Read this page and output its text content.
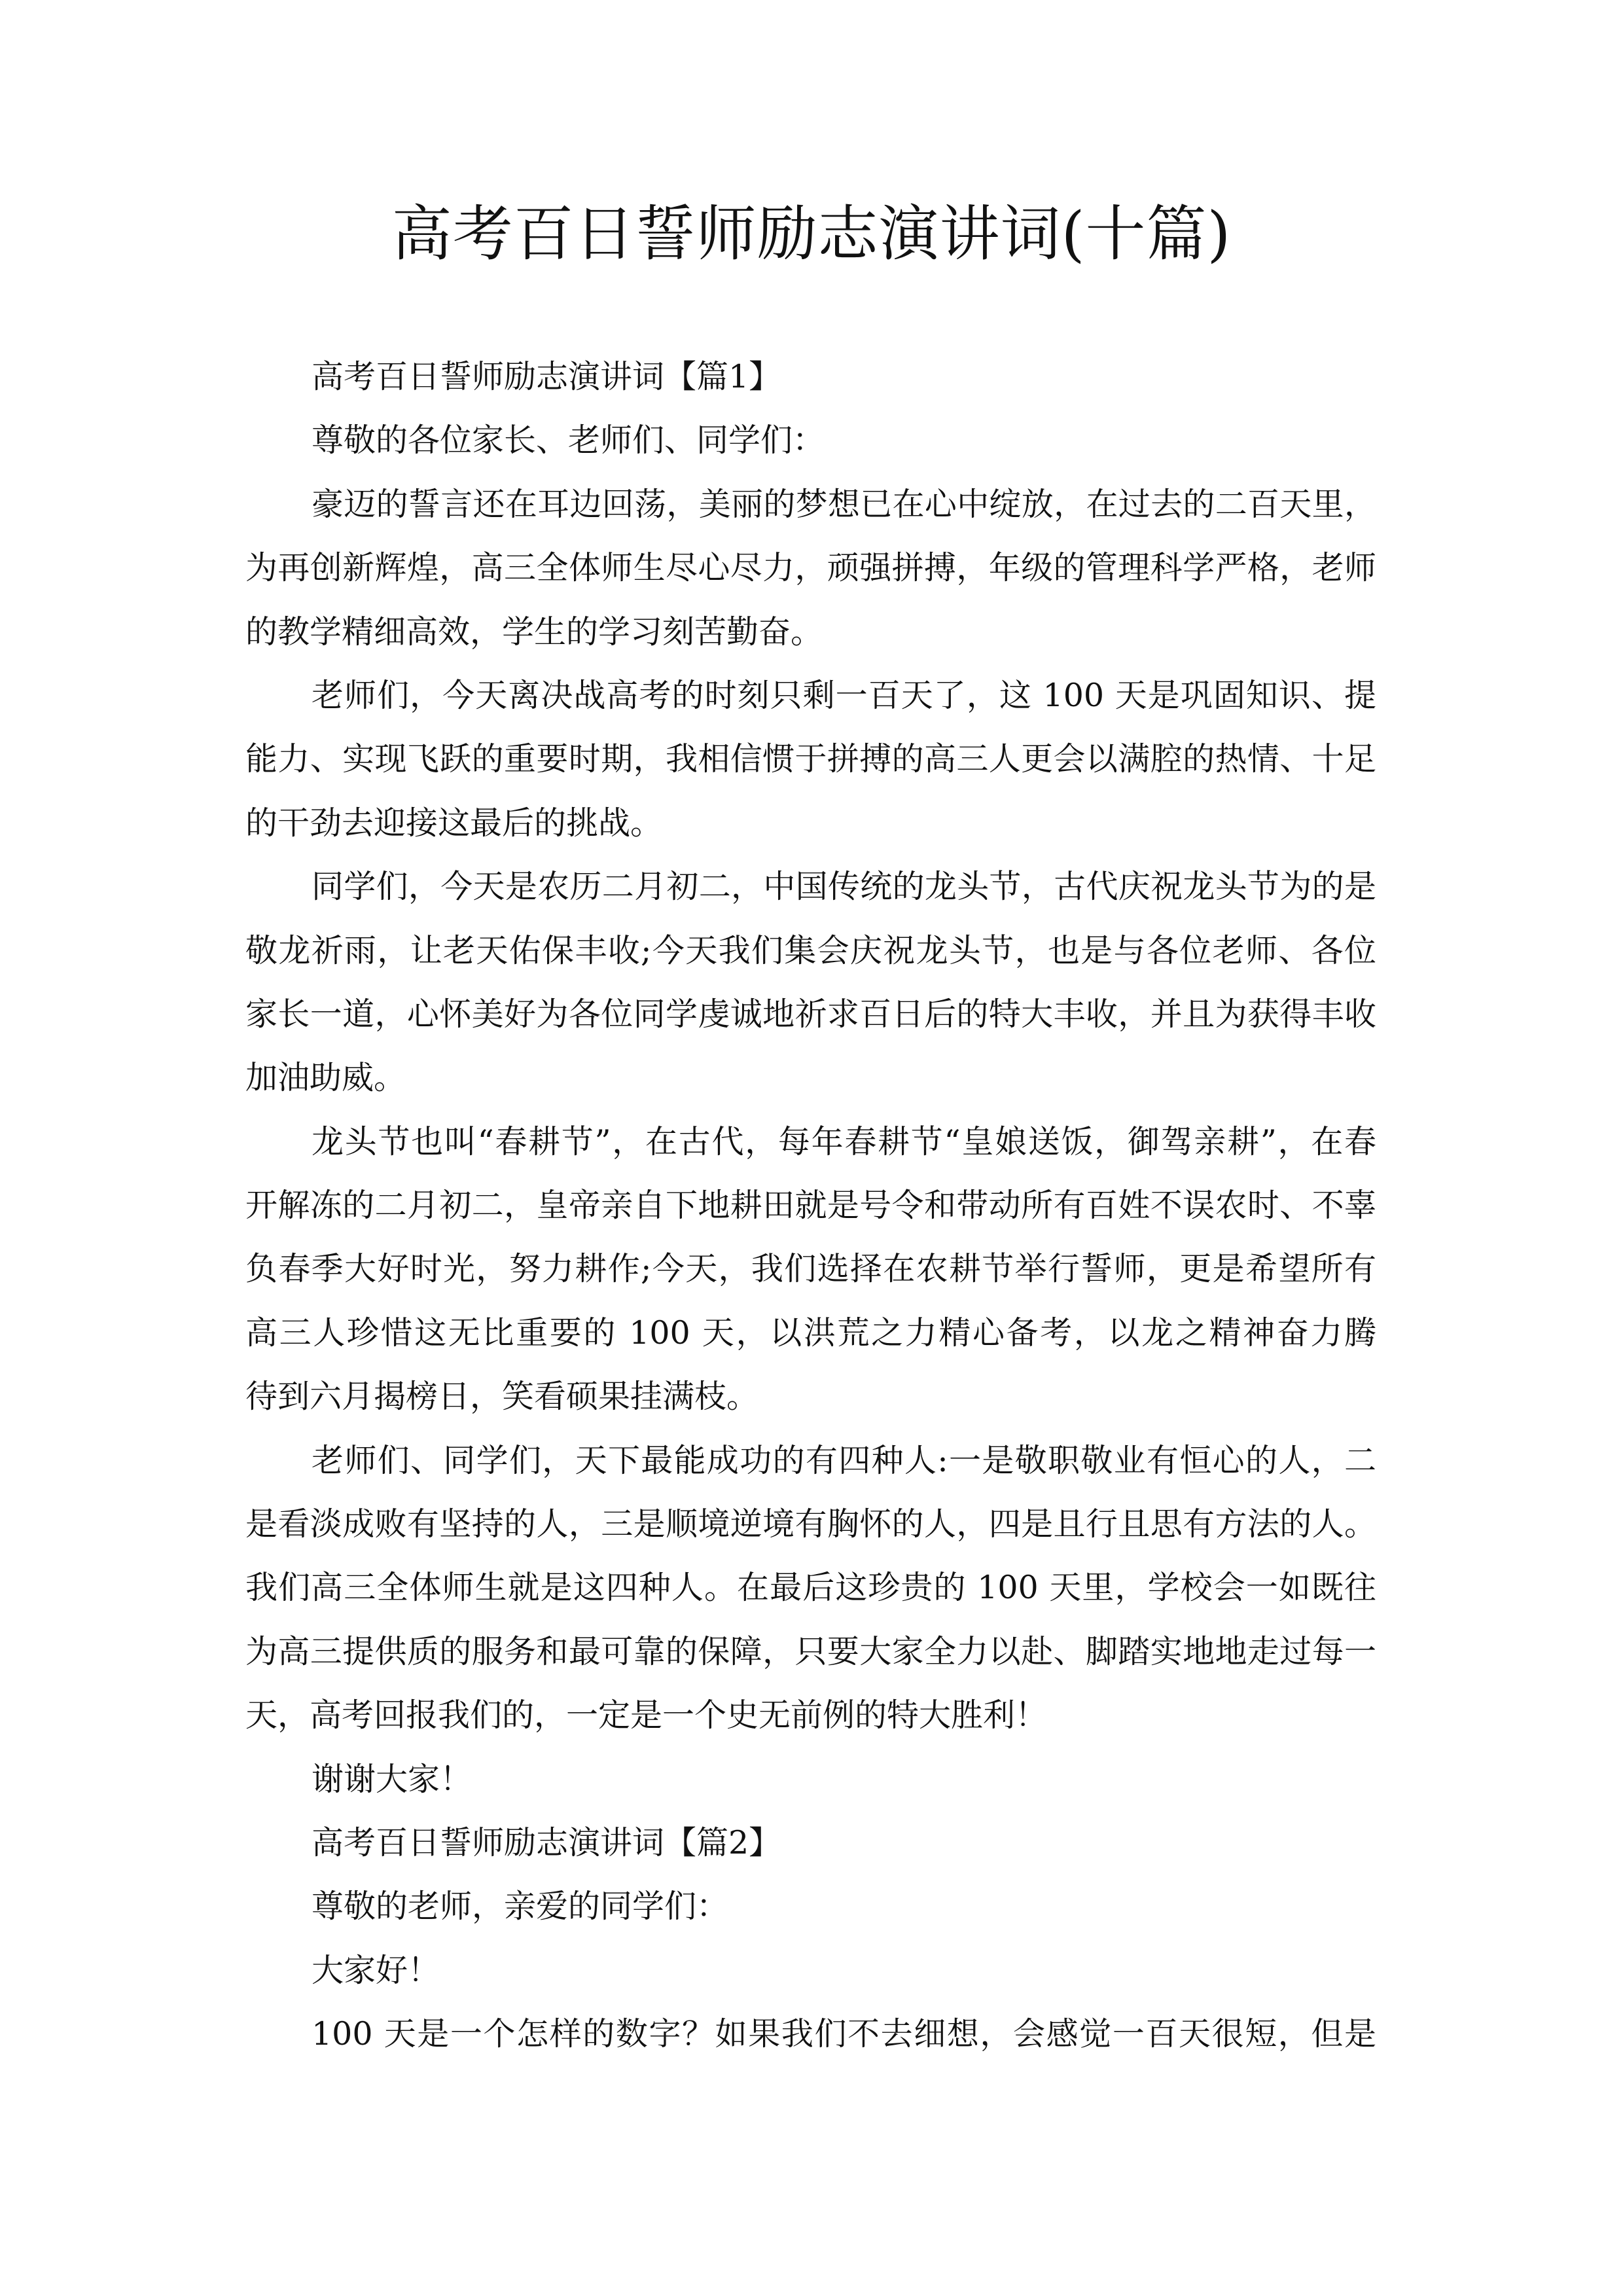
高考百日誓师励志演讲词(十篇)
高考百日誓师励志演讲词【篇1】
尊敬的各位家长、老师们、同学们：
豪迈的誓言还在耳边回荡，美丽的梦想已在心中绽放，在过去的二百天里，
为再创新辉煌，高三全体师生尽心尽力，顽强拼搏，年级的管理科学严格，老师
的教学精细高效，学生的学习刻苦勤奋。
老师们，今天离决战高考的时刻只剩一百天了，这 100 天是巩固知识、提
能力、实现飞跃的重要时期，我相信惯于拼搏的高三人更会以满腔的热情、十足
的干劲去迎接这最后的挑战。
同学们，今天是农历二月初二，中国传统的龙头节，古代庆祝龙头节为的是
敬龙祈雨，让老天佑保丰收;今天我们集会庆祝龙头节，也是与各位老师、各位
家长一道，心怀美好为各位同学虔诚地祈求百日后的特大丰收，并且为获得丰收
加油助威。
龙头节也叫“春耕节”，在古代，每年春耕节“皇娘送饭，御驾亲耕”，在春
开解冻的二月初二，皇帝亲自下地耕田就是号令和带动所有百姓不误农时、不辜
负春季大好时光，努力耕作;今天，我们选择在农耕节举行誓师，更是希望所有
高三人珍惜这无比重要的 100 天，以洪荒之力精心备考，以龙之精神奋力腾
待到六月揭榜日，笑看硕果挂满枝。
老师们、同学们，天下最能成功的有四种人:一是敬职敬业有恒心的人，二
是看淡成败有坚持的人，三是顺境逆境有胸怀的人，四是且行且思有方法的人。
我们高三全体师生就是这四种人。在最后这珍贵的 100 天里，学校会一如既往
为高三提供质的服务和最可靠的保障，只要大家全力以赴、脚踏实地地走过每一
天，高考回报我们的，一定是一个史无前例的特大胜利！
谢谢大家！
高考百日誓师励志演讲词【篇2】
尊敬的老师，亲爱的同学们：
大家好！
100 天是一个怎样的数字？如果我们不去细想，会感觉一百天很短，但是
